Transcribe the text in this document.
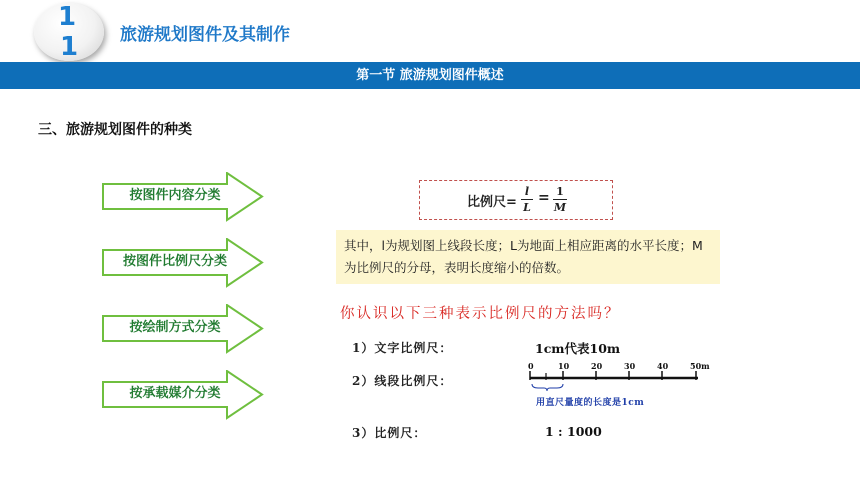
1
1 旅游规划图件及其制作
第一节 旅游规划图件概述
三、旅游规划图件的种类
按图件内容分类
按图件比例尺分类
按绘制方式分类
按承载媒介分类
比例尺=
l
L
= 1
M
其中，l为规划图上线段长度；L为地面上相应距离的水平长度；M为比例尺的分母，表明长度缩小的倍数。
你认识以下三种表示比例尺的方法吗？
1）文字比例尺：	1cm代表10m
2）线段比例尺：
0	10	20	30	40	50m
用直尺量度的长度是1cm
3）比例尺：	1 : 1000
